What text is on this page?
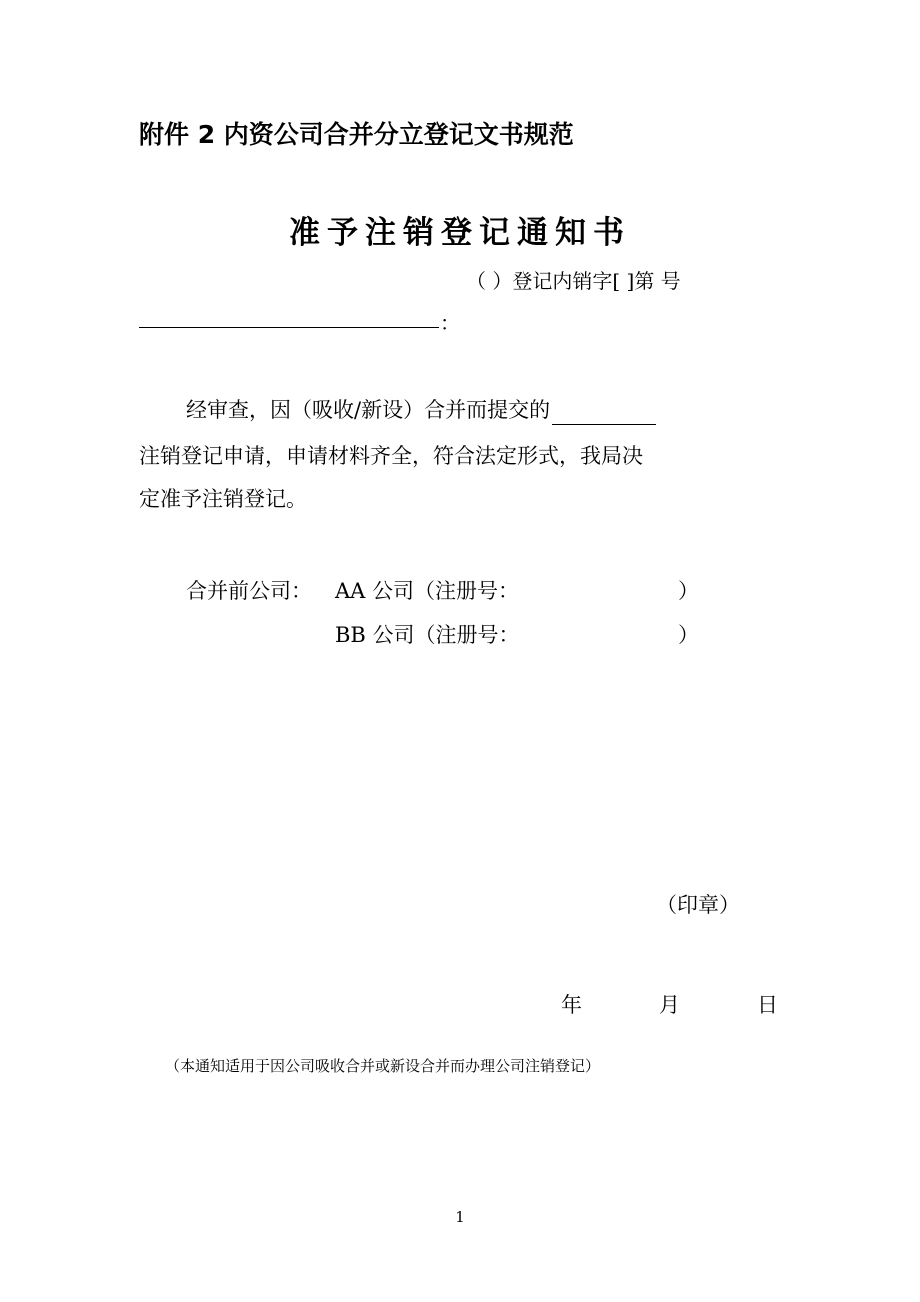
附件 2 内资公司合并分立登记文书规范
准予注销登记通知书
（ ）登记内销字[ ]第 号
：
经审查，因（吸收/新设）合并而提交的
注销登记申请，申请材料齐全，符合法定形式，我局决
定准予注销登记。
合并前公司： AA 公司（注册号：	）
BB 公司（注册号：	）
（印章）
年	月	日
（本通知适用于因公司吸收合并或新设合并而办理公司注销登记）
1
